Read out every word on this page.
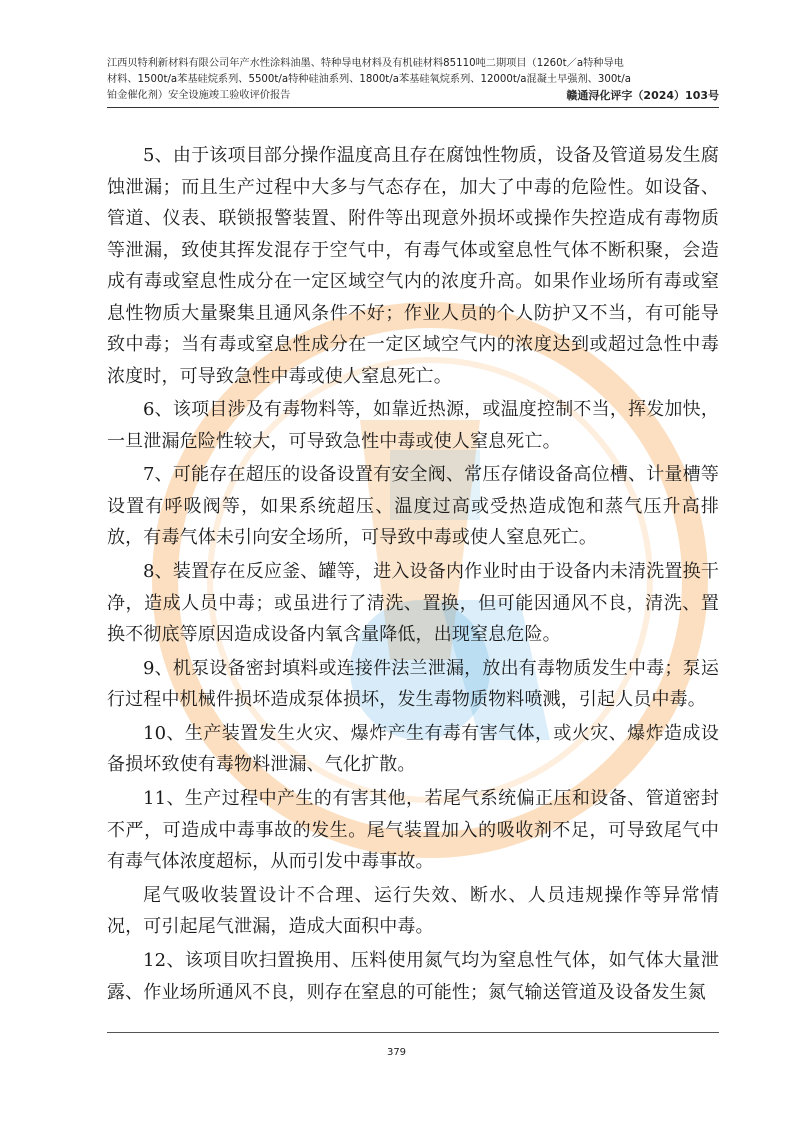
江西贝特利新材料有限公司年产水性涂料油墨、特种导电材料及有机硅材料85110吨二期项目（1260t／a特种导电
材料、1500t/a苯基硅烷系列、5500t/a特种硅油系列、1800t/a苯基硅氧烷系列、12000t/a混凝土早强剂、300t/a
铂金催化剂）安全设施竣工验收评价报告	赣通浔化评字（2024）103号

5、由于该项目部分操作温度高且存在腐蚀性物质，设备及管道易发生腐蚀泄漏；而且生产过程中大多与气态存在，加大了中毒的危险性。如设备、管道、仪表、联锁报警装置、附件等出现意外损坏或操作失控造成有毒物质等泄漏，致使其挥发混存于空气中，有毒气体或窒息性气体不断积聚，会造成有毒或窒息性成分在一定区域空气内的浓度升高。如果作业场所有毒或窒息性物质大量聚集且通风条件不好；作业人员的个人防护又不当，有可能导致中毒；当有毒或窒息性成分在一定区域空气内的浓度达到或超过急性中毒浓度时，可导致急性中毒或使人窒息死亡。

6、该项目涉及有毒物料等，如靠近热源，或温度控制不当，挥发加快，一旦泄漏危险性较大，可导致急性中毒或使人窒息死亡。

7、可能存在超压的设备设置有安全阀、常压存储设备高位槽、计量槽等设置有呼吸阀等，如果系统超压、温度过高或受热造成饱和蒸气压升高排放，有毒气体未引向安全场所，可导致中毒或使人窒息死亡。

8、装置存在反应釜、罐等，进入设备内作业时由于设备内未清洗置换干净，造成人员中毒；或虽进行了清洗、置换，但可能因通风不良，清洗、置换不彻底等原因造成设备内氧含量降低，出现窒息危险。

9、机泵设备密封填料或连接件法兰泄漏，放出有毒物质发生中毒；泵运行过程中机械件损坏造成泵体损坏，发生毒物质物料喷溅，引起人员中毒。

10、生产装置发生火灾、爆炸产生有毒有害气体，或火灾、爆炸造成设备损坏致使有毒物料泄漏、气化扩散。

11、生产过程中产生的有害其他，若尾气系统偏正压和设备、管道密封不严，可造成中毒事故的发生。尾气装置加入的吸收剂不足，可导致尾气中有毒气体浓度超标，从而引发中毒事故。

尾气吸收装置设计不合理、运行失效、断水、人员违规操作等异常情况，可引起尾气泄漏，造成大面积中毒。

12、该项目吹扫置换用、压料使用氮气均为窒息性气体，如气体大量泄露、作业场所通风不良，则存在窒息的可能性；氮气输送管道及设备发生氮

379
